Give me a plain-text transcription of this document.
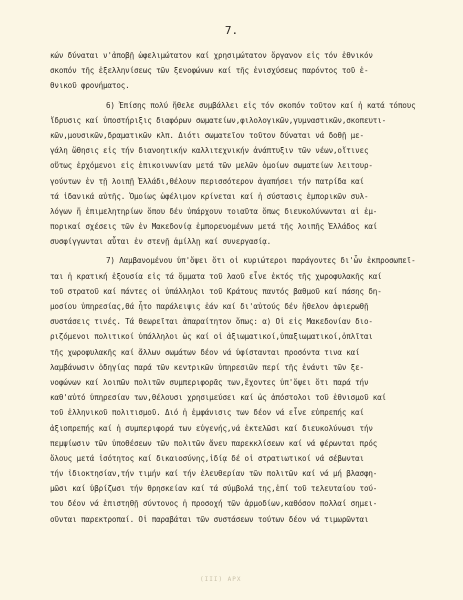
7.
κών δύναται ν'ἀποβῇ ὠφελιμώτατον καί χρησιμώτατον ὄργανον εἰς τόν ἐθνικόν
σκοπόν τῆς ἐξελληνίσεως τῶν ξενοφώνων καί τῆς ἐνισχύσεως παρόντος τοῦ ἐ-
θνικοῦ φρονήματος.
6) Ἐπίσης πολύ ἤθελε συμβάλλει εἰς τόν σκοπόν τοῦτον καί ἡ κατά τόπους
ἵδρυσις καί ὑποστήριξις διαφόρων σωματείων,φιλολογικῶν,γυμναστικῶν,σκοπευτι-
κῶν,μουσικῶν,δραματικῶν κλπ. Διότι σωματεῖον τοῦτον δύναται νά δοθῇ με-
γάλη ὤθησις εἰς τήν διανοητικήν καλλιτεχνικήν ἀνάπτυξιν τῶν νέων,οἵτινες
οὕτως ἐρχόμενοι εἰς ἐπικοινωνίαν μετά τῶν μελῶν ὁμοίων σωματείων λειτουρ-
γούντων ἐν τῇ λοιπῇ Ἑλλάδι,θέλουν περισσότερον ἀγαπήσει τήν πατρίδα καί
τά ἰδανικά αὐτῆς. Ὁμοίως ὠφέλιμον κρίνεται καί ἡ σύστασις ἐμπορικῶν συλ-
λόγων ἤ ἐπιμελητηρίων ὅπου δέν ὑπάρχουν τοιαῦτα ὅπως διευκολύνωνται αἱ ἐμ-
πορικαί σχέσεις τῶν ἐν Μακεδονίᾳ ἐμπορευομένων μετά τῆς λοιπῆς Ἑλλάδος καί
συσφίγγωνται αὗται ἐν στενῇ ἁμίλλῃ καί συνεργασίᾳ.
7) Λαμβανομένου ὑπ'ὄψει ὅτι οἱ κυριώτεροι παράγοντες δι'ὧν ἐκπροσωπεῖ-
ται ἡ κρατική ἐξουσία εἰς τά ὄμματα τοῦ λαοῦ εἶνε ἐκτός τῆς χωροφυλακῆς καί
τοῦ στρατοῦ καί πάντες οἱ ὑπάλληλοι τοῦ Κράτους παντός βαθμοῦ καί πάσης δη-
μοσίου ὑπηρεσίας,θά ἦτο παράλειψις ἐάν καί δι'αὐτούς δέν ἤθελον ἀφιερωθῇ
συστάσεις τινές. Τά θεωρεῖται ἀπαραίτητον ὅπως: α) Οἱ εἰς Μακεδονίαν διο-
ριζόμενοι πολιτικοί ὑπάλληλοι ὡς καί οἱ ἀξιωματικοί,ὑπαξιωματικοί,ὁπλῖται
τῆς χωροφυλακῆς καί ἄλλων σωμάτων δέον νά ὑφίστανται προσόντα τινα καί
λαμβάνωσιν ὁδηγίας παρά τῶν κεντρικῶν ὑπηρεσιῶν περί τῆς ἐνάντι τῶν ξε-
νοφώνων καί λοιπῶν πολιτῶν συμπεριφορᾶς των,ἔχοντες ὑπ'ὄψει ὅτι παρά τήν
καθ'αὑτό ὑπηρεσίαν των,θέλουσι χρησιμεύσει καί ὡς ἀπόστολοι τοῦ ἐθνισμοῦ καί
τοῦ ἑλληνικοῦ πολιτισμοῦ. Διό ἡ ἐμφάνισις των δέον νά εἶνε εὐπρεπής καί
ἀξιοπρεπής καί ἡ συμπεριφορά των εὐγενής,νά ἐκτελῶσι καί διευκολύνωσι τήν
πεμψίωσιν τῶν ὑποθέσεων τῶν πολιτῶν ἄνευ παρεκκλίσεων καί νά φέρωνται πρός
ὅλους μετά ἰσότητος καί δικαιοσύνης,ἰδίᾳ δέ οἱ στρατιωτικοί νά σέβωνται
τήν ἰδιοκτησίαν,τήν τιμήν καί τήν ἐλευθερίαν τῶν πολιτῶν καί νά μή βλασφη-
μῶσι καί ὑβρίζωσι τήν θρησκείαν καί τά σύμβολά της,ἐπί τοῦ τελευταίου τού-
του δέον νά ἐπιστηθῇ σύντονος ἡ προσοχή τῶν ἁρμοδίων,καθόσον πολλαί σημει-
οῦνται παρεκτροπαί. Οἱ παραβάται τῶν συστάσεων τούτων δέον νά τιμωρῶνται
(ΙΙΙ) ΑΡΧ
